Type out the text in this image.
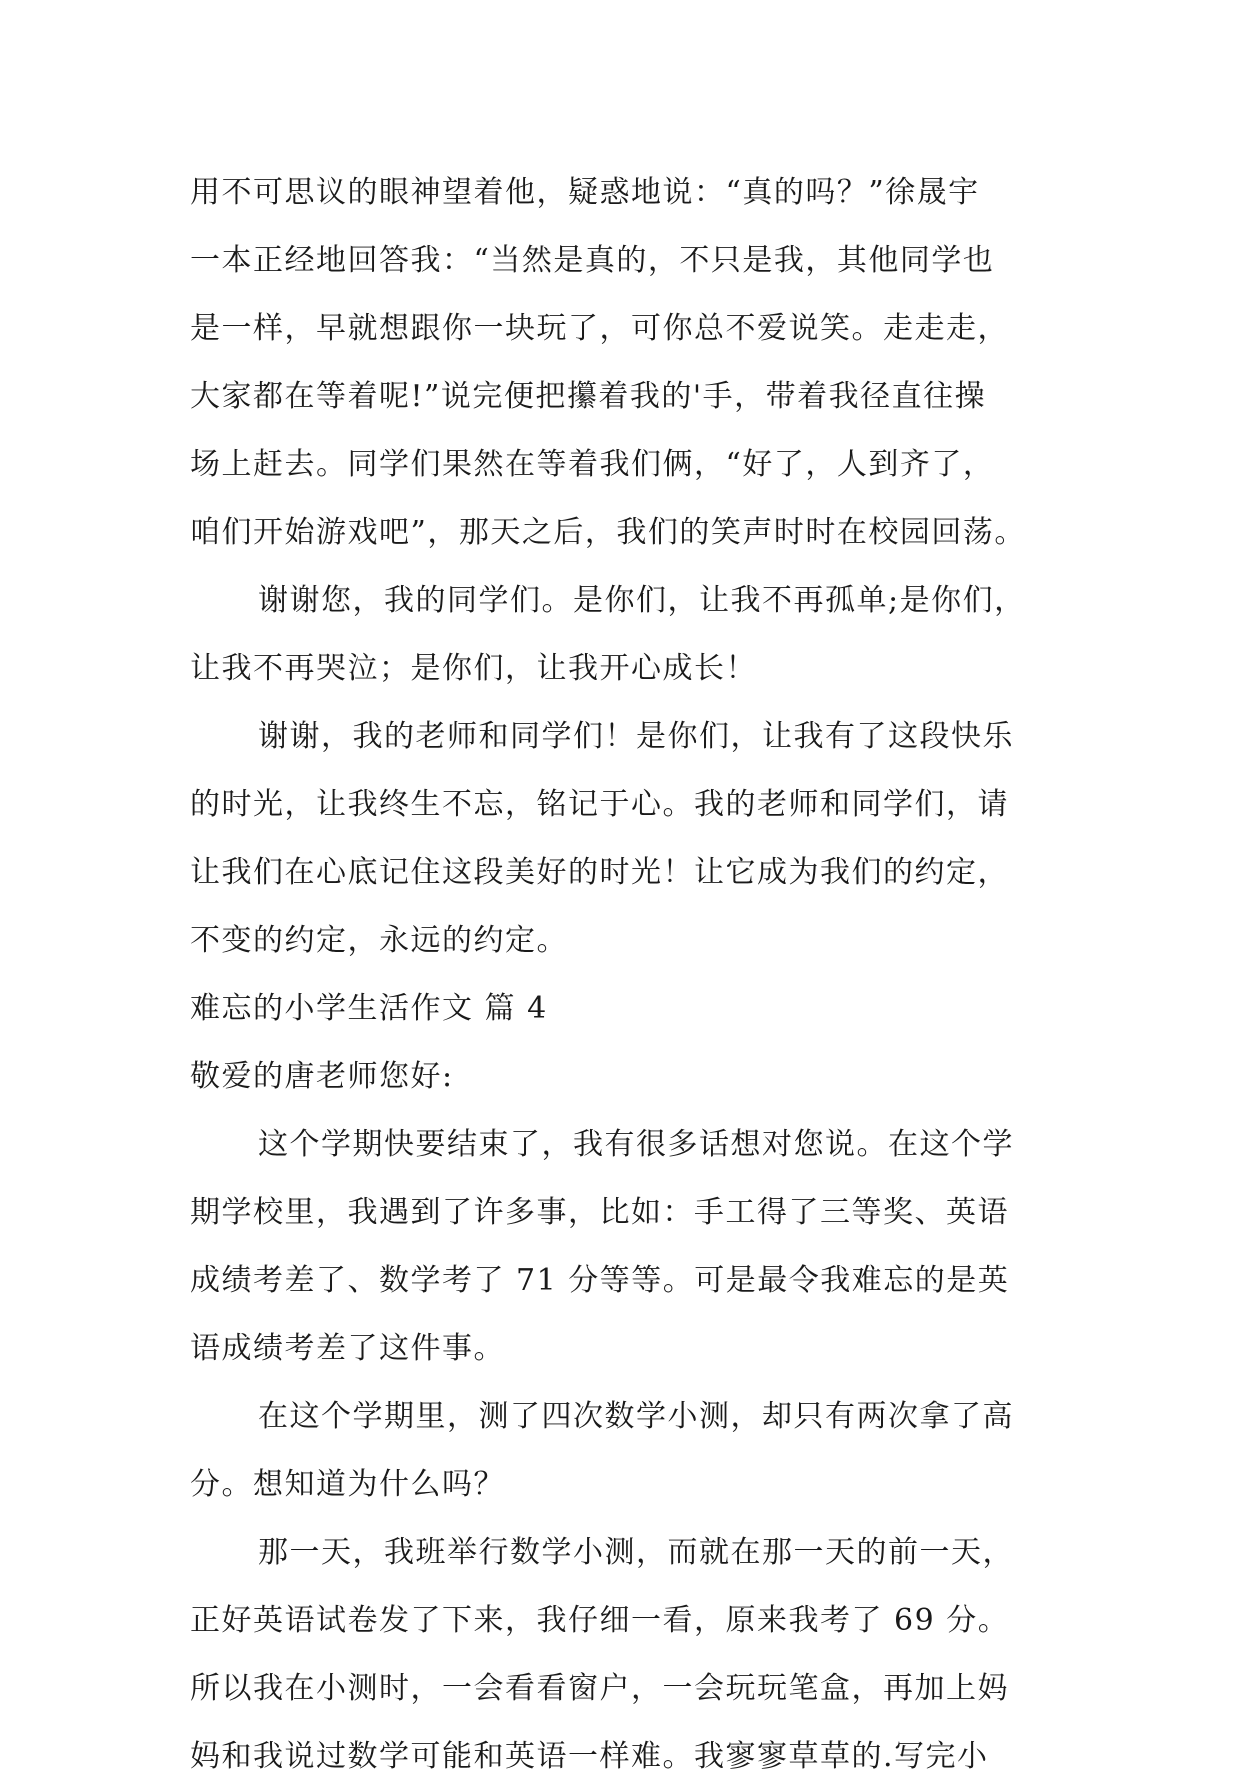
用不可思议的眼神望着他，疑惑地说：“真的吗？”徐晟宇
一本正经地回答我：“当然是真的，不只是我，其他同学也
是一样，早就想跟你一块玩了，可你总不爱说笑。走走走，
大家都在等着呢!”说完便把攥着我的'手，带着我径直往操
场上赶去。同学们果然在等着我们俩，“好了，人到齐了，
咱们开始游戏吧”，那天之后，我们的笑声时时在校园回荡。
谢谢您，我的同学们。是你们，让我不再孤单;是你们，
让我不再哭泣；是你们，让我开心成长！
谢谢，我的老师和同学们！是你们，让我有了这段快乐
的时光，让我终生不忘，铭记于心。我的老师和同学们，请
让我们在心底记住这段美好的时光！让它成为我们的约定，
不变的约定，永远的约定。
难忘的小学生活作文 篇 4
敬爱的唐老师您好:
这个学期快要结束了，我有很多话想对您说。在这个学
期学校里，我遇到了许多事，比如：手工得了三等奖、英语
成绩考差了、数学考了 71 分等等。可是最令我难忘的是英
语成绩考差了这件事。
在这个学期里，测了四次数学小测，却只有两次拿了高
分。想知道为什么吗？
那一天，我班举行数学小测，而就在那一天的前一天，
正好英语试卷发了下来，我仔细一看，原来我考了 69 分。
所以我在小测时，一会看看窗户，一会玩玩笔盒，再加上妈
妈和我说过数学可能和英语一样难。我寥寥草草的.写完小
